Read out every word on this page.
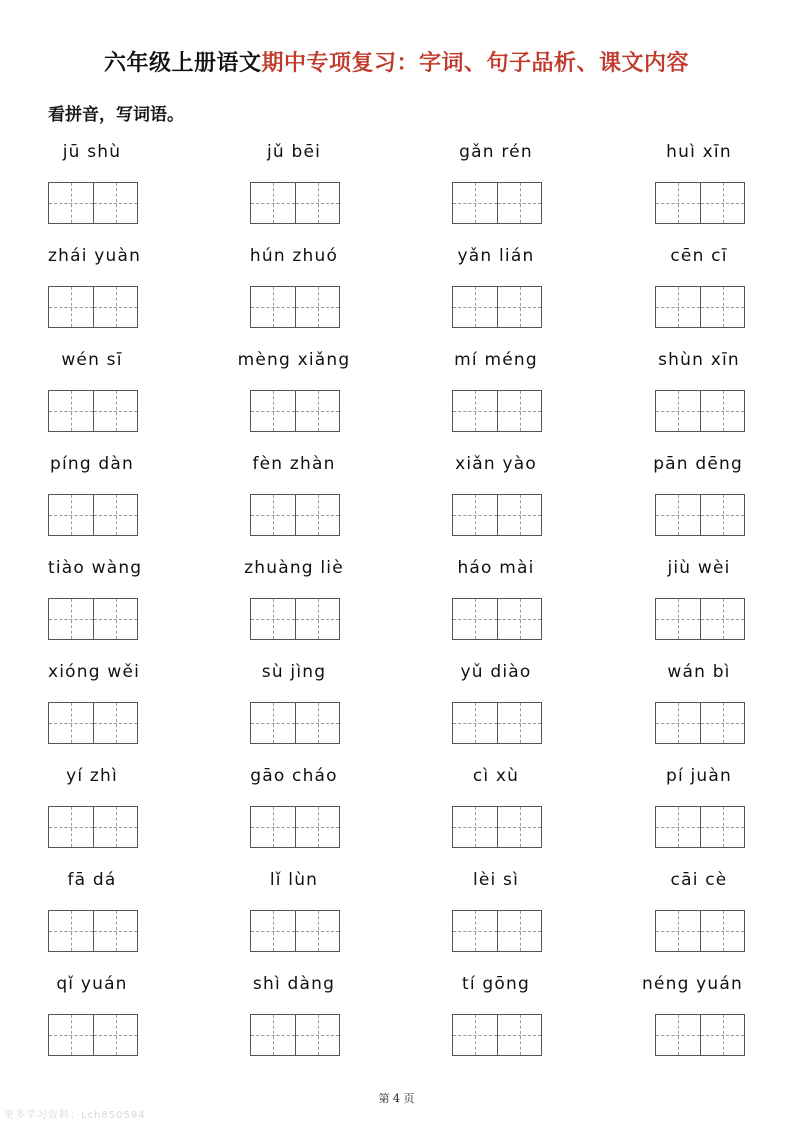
六年级上册语文期中专项复习：字词、句子品析、课文内容
看拼音，写词语。
jū shù	jǔ bēi	gǎn rén	huì xīn
zhái yuàn	hún zhuó	yǎn lián	cēn cī
wén sī	mèng xiǎng	mí méng	shùn xīn
píng dàn	fèn zhàn	xiǎn yào	pān dēng
tiào wàng	zhuàng liè	háo mài	jiù wèi
xióng wěi	sù jìng	yǔ diào	wán bì
yí zhì	gāo cháo	cì xù	pí juàn
fā dá	lǐ lùn	lèi sì	cāi cè
qǐ yuán	shì dàng	tí gōng	néng yuán
第 4 页
更多学习资料：Lch850594
